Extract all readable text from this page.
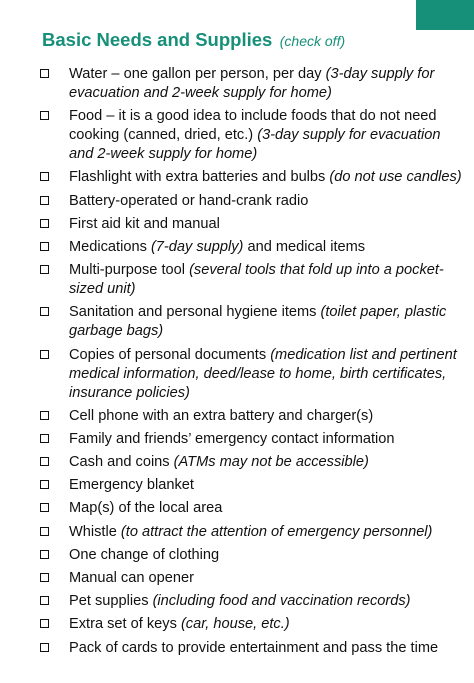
Basic Needs and Supplies (check off)
Water – one gallon per person, per day (3-day supply for evacuation and 2-week supply for home)
Food – it is a good idea to include foods that do not need cooking (canned, dried, etc.) (3-day supply for evacuation and 2-week supply for home)
Flashlight with extra batteries and bulbs (do not use candles)
Battery-operated or hand-crank radio
First aid kit and manual
Medications (7-day supply) and medical items
Multi-purpose tool (several tools that fold up into a pocket-sized unit)
Sanitation and personal hygiene items (toilet paper, plastic garbage bags)
Copies of personal documents (medication list and pertinent medical information, deed/lease to home, birth certificates, insurance policies)
Cell phone with an extra battery and charger(s)
Family and friends’ emergency contact information
Cash and coins (ATMs may not be accessible)
Emergency blanket
Map(s) of the local area
Whistle (to attract the attention of emergency personnel)
One change of clothing
Manual can opener
Pet supplies (including food and vaccination records)
Extra set of keys (car, house, etc.)
Pack of cards to provide entertainment and pass the time
